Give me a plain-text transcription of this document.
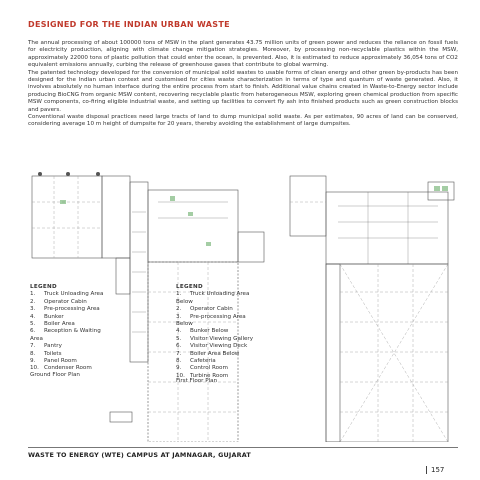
DESIGNED FOR THE INDIAN URBAN WASTE

The annual processing of about 100000 tons of MSW in the plant generates 43.75 million units of green power and reduces the reliance on fossil fuels for electricity production, aligning with climate change mitigation strategies. Moreover, by processing non-recyclable plastics within the MSW, approximately 22000 tons of plastic pollution that could enter the ocean, is prevented. Also, it is estimated to reduce approximately 36,054 tons of CO2 equivalent emissions annually, curbing the release of greenhouse gases that contribute to global warming.

The patented technology developed for the conversion of municipal solid wastes to usable forms of clean energy and other green by-products has been designed for the Indian urban context and customised for cities waste characterization in terms of type and quantum of waste generated. Also, it involves absolutely no human interface during the entire process from start to finish. Additional value chains created in Waste-to-Energy sector include producing BioCNG from organic MSW content, recovering recyclable plastic from heterogeneous MSW, exploring green chemical production from specific MSW components, co-firing eligible industrial waste, and setting up facilities to convert fly ash into finished products such as green construction blocks and pavers.

Conventional waste disposal practices need large tracts of land to dump municipal solid waste. As per estimates, 90 acres of land can be conserved, considering average 10 m height of dumpsite for 20 years, thereby avoiding the establishment of large dumpsites.

LEGEND
1. Truck Unloading Area
2. Operator Cabin
3. Pre-processing Area
4. Bunker
5. Boiler Area
6. Reception & Waiting
Area
7. Pantry
8. Toilets
9. Panel Room
10. Condenser Room
Ground Floor Plan
LEGEND
1. Truck Unloading Area
Below
2. Operator Cabin
3. Pre-processing Area
Below
4. Bunker Below
5. Visitor Viewing Gallery
6. Visitor Viewing Deck
7. Boiler Area Below
8. Cafeteria
9. Control Room
10. Turbine Room
First Floor Plan
WASTE TO ENERGY (WTE) CAMPUS AT JAMNAGAR, GUJARAT
157
